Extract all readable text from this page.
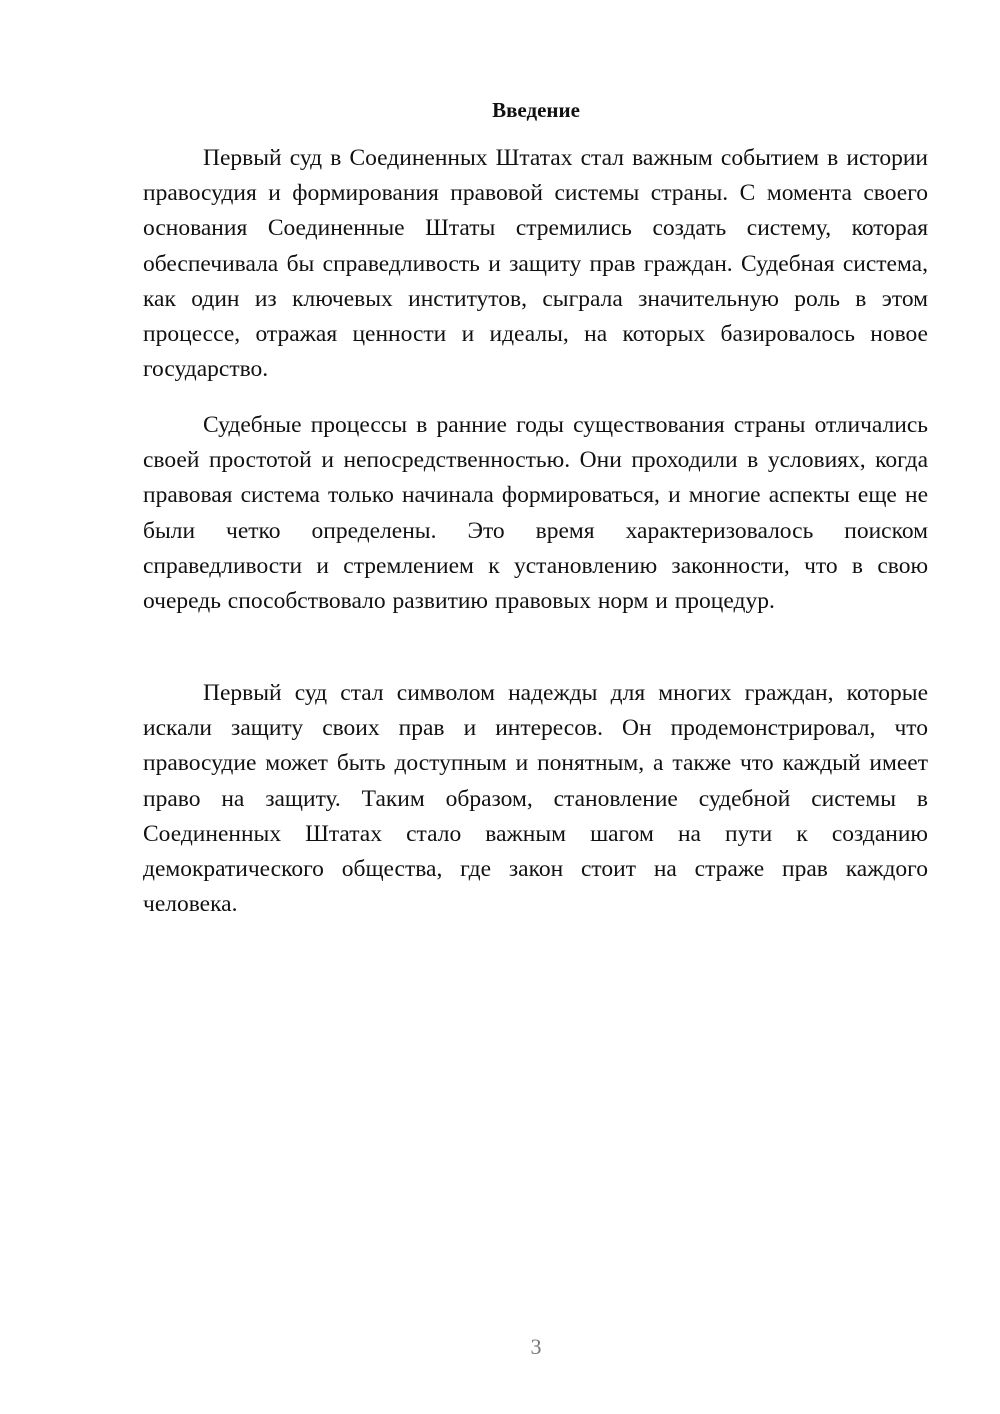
Введение

Первый суд в Соединенных Штатах стал важным событием в истории правосудия и формирования правовой системы страны. С момента своего основания Соединенные Штаты стремились создать систему, которая обеспечивала бы справедливость и защиту прав граждан. Судебная система, как один из ключевых институтов, сыграла значительную роль в этом процессе, отражая ценности и идеалы, на которых базировалось новое государство.

Судебные процессы в ранние годы существования страны отличались своей простотой и непосредственностью. Они проходили в условиях, когда правовая система только начинала формироваться, и многие аспекты еще не были четко определены. Это время характеризовалось поиском справедливости и стремлением к установлению законности, что в свою очередь способствовало развитию правовых норм и процедур.

Первый суд стал символом надежды для многих граждан, которые искали защиту своих прав и интересов. Он продемонстрировал, что правосудие может быть доступным и понятным, а также что каждый имеет право на защиту. Таким образом, становление судебной системы в Соединенных Штатах стало важным шагом на пути к созданию демократического общества, где закон стоит на страже прав каждого человека.

3
